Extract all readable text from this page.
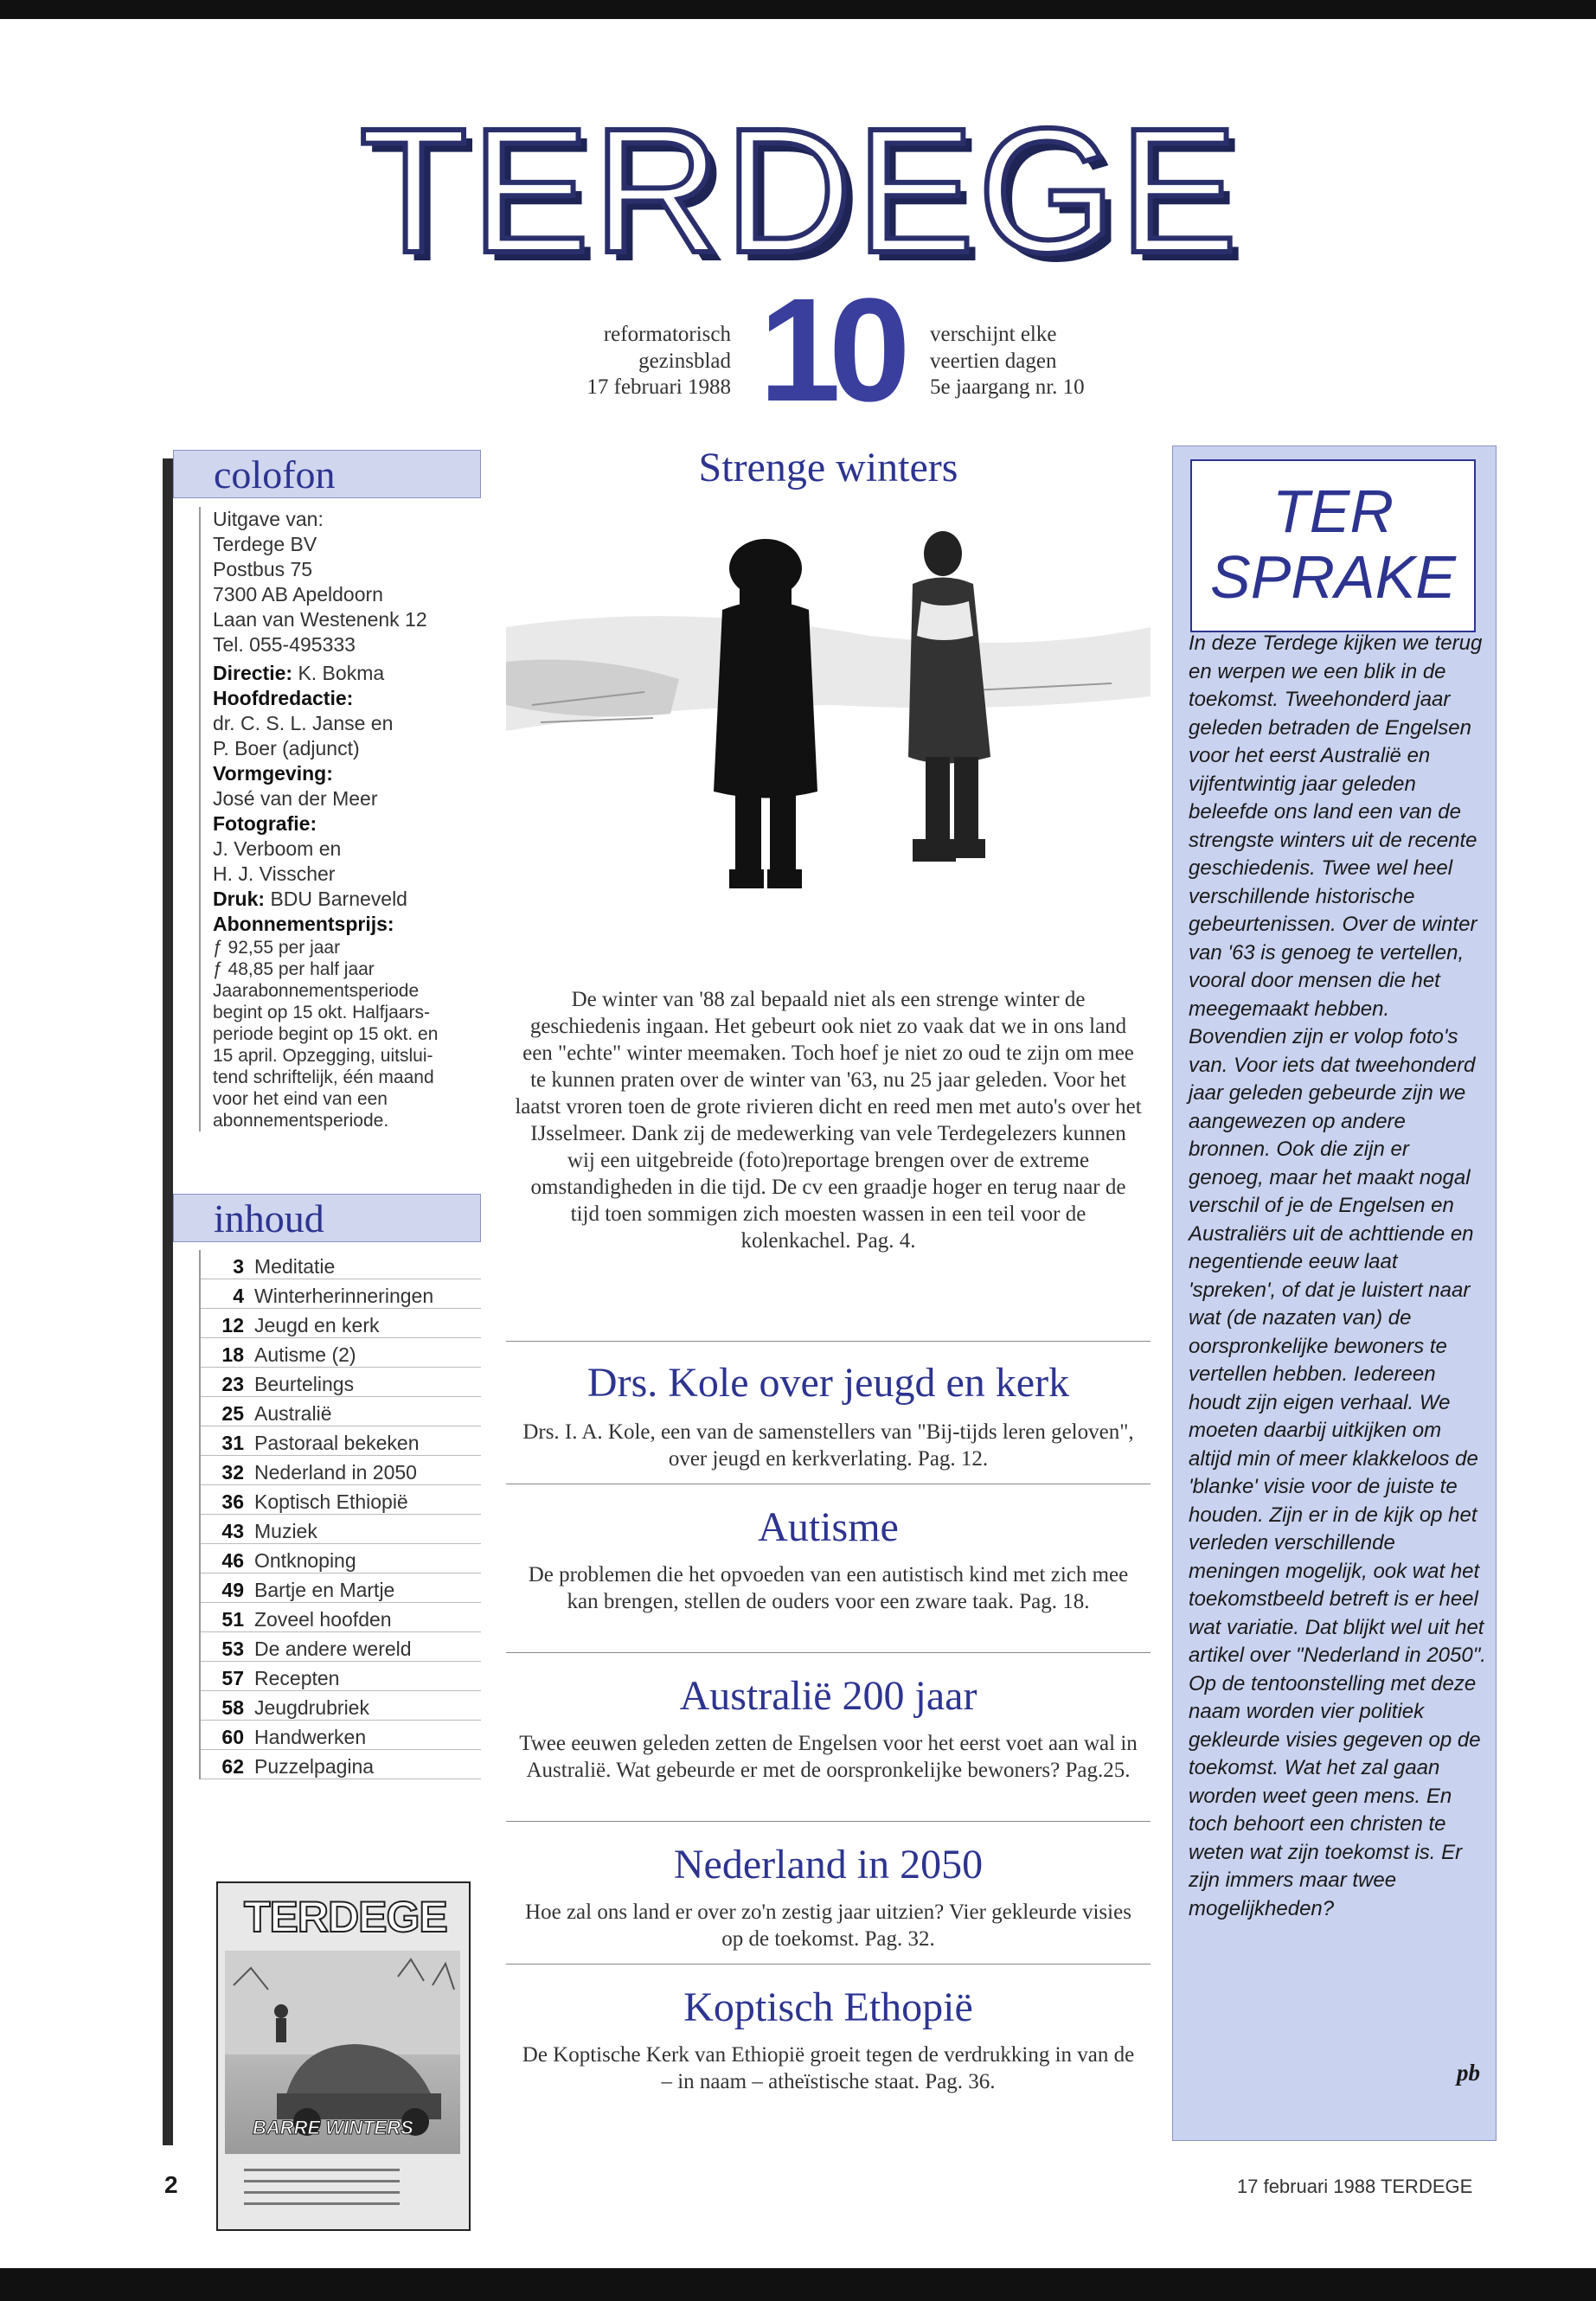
TERDEGE
reformatorisch
gezinsblad
17 februari 1988 10	verschijnt elke
veertien dagen
5e jaargang nr. 10
colofon
Uitgave van:
Terdege BV
Postbus 75
7300 AB Apeldoorn
Laan van Westenenk 12
Tel. 055-495333
Directie: K. Bokma
Hoofdredactie:
dr. C. S. L. Janse en
P. Boer (adjunct)
Vormgeving:
José van der Meer
Fotografie:
J. Verboom en
H. J. Visscher
Druk: BDU Barneveld
Abonnementsprijs:
ƒ 92,55 per jaar
ƒ 48,85 per half jaar
Jaarabonnementsperiode
begint op 15 okt. Halfjaars-
periode begint op 15 okt. en
15 april. Opzegging, uitslui-
tend schriftelijk, één maand
voor het eind van een
abonnementsperiode.
inhoud
3 Meditatie
4 Winterherinneringen
12 Jeugd en kerk
18 Autisme (2)
23 Beurtelings
25 Australië
31 Pastoraal bekeken
32 Nederland in 2050
36 Koptisch Ethiopië
43 Muziek
46 Ontknoping
49 Bartje en Martje
51 Zoveel hoofden
53 De andere wereld
57 Recepten
58 Jeugdrubriek
60 Handwerken
62 Puzzelpagina
TERDEGE
BARRE WINTERS
Strenge winters
De winter van '88 zal bepaald niet als een strenge winter de geschiedenis ingaan. Het gebeurt ook niet zo vaak dat we in ons land een "echte" winter meemaken. Toch hoef je niet zo oud te zijn om mee te kunnen praten over de winter van '63, nu 25 jaar geleden. Voor het laatst vroren toen de grote rivieren dicht en reed men met auto's over het IJsselmeer. Dank zij de medewerking van vele Terdegelezers kunnen wij een uitgebreide (foto)reportage brengen over de extreme omstandigheden in die tijd. De cv een graadje hoger en terug naar de tijd toen sommigen zich moesten wassen in een teil voor de kolenkachel. Pag. 4.
Drs. Kole over jeugd en kerk
Drs. I. A. Kole, een van de samenstellers van "Bij-tijds leren geloven", over jeugd en kerkverlating. Pag. 12.
Autisme
De problemen die het opvoeden van een autistisch kind met zich mee kan brengen, stellen de ouders voor een zware taak. Pag. 18.
Australië 200 jaar
Twee eeuwen geleden zetten de Engelsen voor het eerst voet aan wal in Australië. Wat gebeurde er met de oorspronkelijke bewoners? Pag.25.
Nederland in 2050
Hoe zal ons land er over zo'n zestig jaar uitzien? Vier gekleurde visies op de toekomst. Pag. 32.
Koptisch Ethopië
De Koptische Kerk van Ethiopië groeit tegen de verdrukking in van de – in naam – atheïstische staat. Pag. 36.
TER
SPRAKE
In deze Terdege kijken we terug en werpen we een blik in de toekomst. Tweehonderd jaar geleden betraden de Engelsen voor het eerst Australië en vijfentwintig jaar geleden beleefde ons land een van de strengste winters uit de recente geschiedenis. Twee wel heel verschillende historische gebeurtenissen. Over de winter van '63 is genoeg te vertellen, vooral door mensen die het meegemaakt hebben. Bovendien zijn er volop foto's van. Voor iets dat tweehonderd jaar geleden gebeurde zijn we aangewezen op andere bronnen. Ook die zijn er genoeg, maar het maakt nogal verschil of je de Engelsen en Australiërs uit de achttiende en negentiende eeuw laat 'spreken', of dat je luistert naar wat (de nazaten van) de oorspronkelijke bewoners te vertellen hebben. Iedereen houdt zijn eigen verhaal. We moeten daarbij uitkijken om altijd min of meer klakkeloos de 'blanke' visie voor de juiste te houden. Zijn er in de kijk op het verleden verschillende meningen mogelijk, ook wat het toekomstbeeld betreft is er heel wat variatie. Dat blijkt wel uit het artikel over "Nederland in 2050". Op de tentoonstelling met deze naam worden vier politiek gekleurde visies gegeven op de toekomst. Wat het zal gaan worden weet geen mens. En toch behoort een christen te weten wat zijn toekomst is. Er zijn immers maar twee mogelijkheden?
pb
2	17 februari 1988 TERDEGE
